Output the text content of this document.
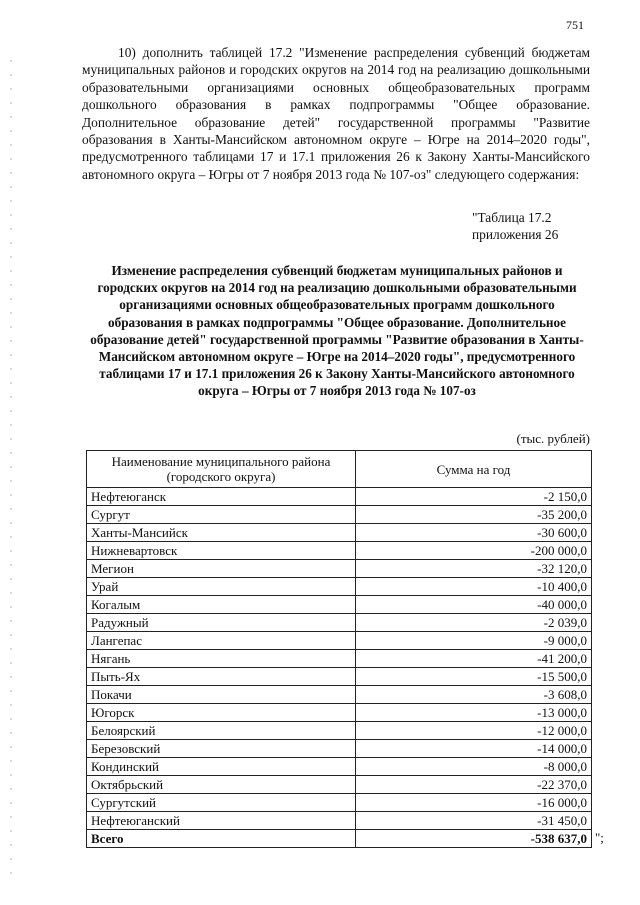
751

10) дополнить таблицей 17.2 "Изменение распределения субвенций бюджетам муниципальных районов и городских округов на 2014 год на реализацию дошкольными образовательными организациями основных общеобразовательных программ дошкольного образования в рамках подпрограммы "Общее образование. Дополнительное образование детей" государственной программы "Развитие образования в Ханты-Мансийском автономном округе – Югре на 2014–2020 годы", предусмотренного таблицами 17 и 17.1 приложения 26 к Закону Ханты-Мансийского автономного округа – Югры от 7 ноября 2013 года № 107-оз" следующего содержания:

"Таблица 17.2
приложения 26

Изменение распределения субвенций бюджетам муниципальных районов и городских округов на 2014 год на реализацию дошкольными образовательными организациями основных общеобразовательных программ дошкольного образования в рамках подпрограммы "Общее образование. Дополнительное образование детей" государственной программы "Развитие образования в Ханты-Мансийском автономном округе – Югре на 2014–2020 годы", предусмотренного таблицами 17 и 17.1 приложения 26 к Закону Ханты-Мансийского автономного округа – Югры от 7 ноября 2013 года № 107-оз

(тыс. рублей)
Наименование муниципального района
(городского округа)	Сумма на год
Нефтеюганск	-2 150,0
Сургут	-35 200,0
Ханты-Мансийск	-30 600,0
Нижневартовск	-200 000,0
Мегион	-32 120,0
Урай	-10 400,0
Когалым	-40 000,0
Радужный	-2 039,0
Лангепас	-9 000,0
Нягань	-41 200,0
Пыть-Ях	-15 500,0
Покачи	-3 608,0
Югорск	-13 000,0
Белоярский	-12 000,0
Березовский	-14 000,0
Кондинский	-8 000,0
Октябрьский	-22 370,0
Сургутский	-16 000,0
Нефтеюганский	-31 450,0
Всего	-538 637,0 ";
